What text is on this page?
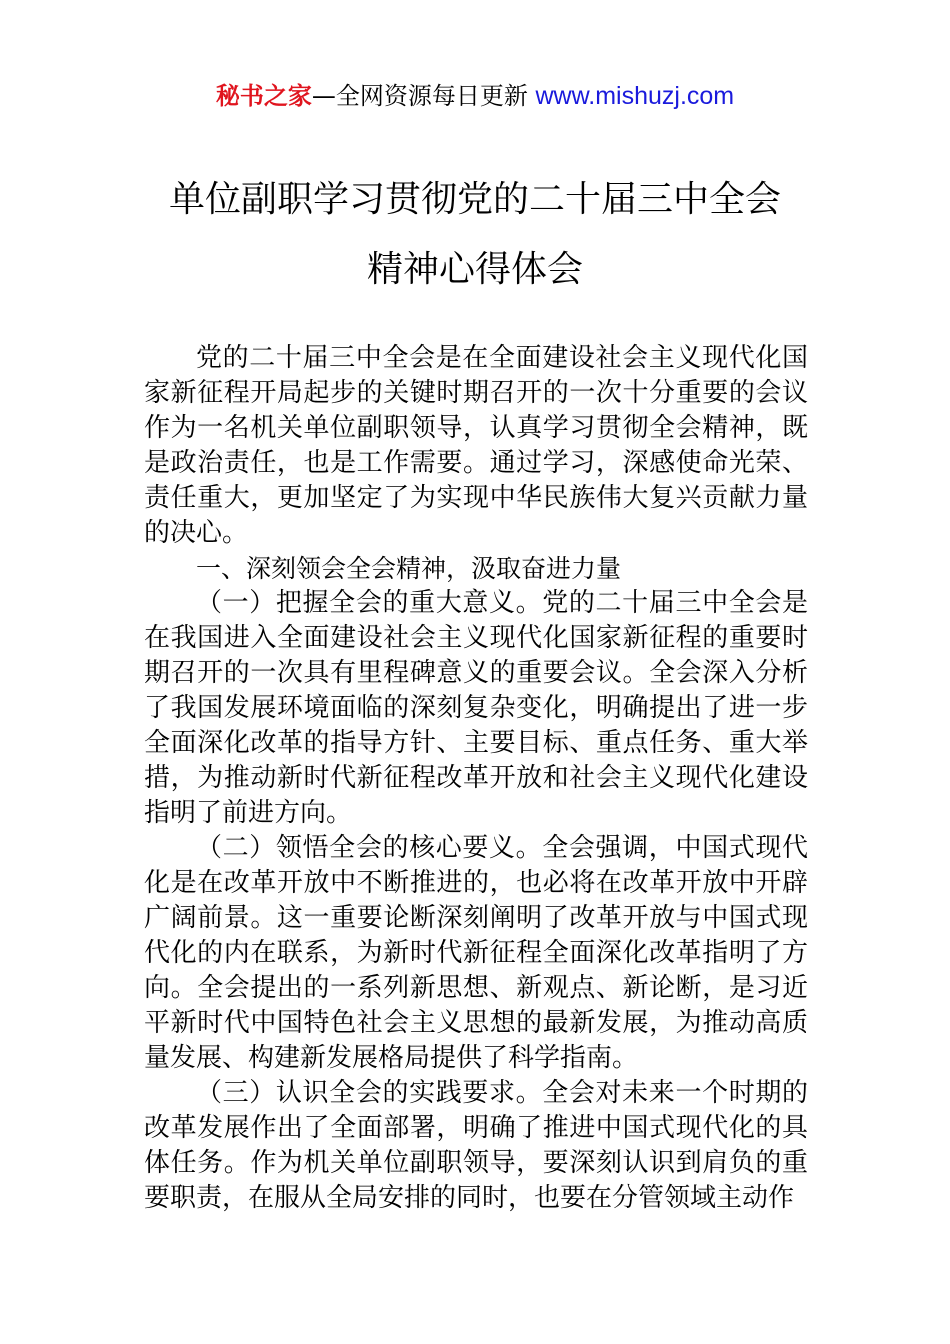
秘书之家—全网资源每日更新 www.mishuzj.com
单位副职学习贯彻党的二十届三中全会
精神心得体会

党的二十届三中全会是在全面建设社会主义现代化国家新征程开局起步的关键时期召开的一次十分重要的会议作为一名机关单位副职领导，认真学习贯彻全会精神，既是政治责任，也是工作需要。通过学习，深感使命光荣、责任重大，更加坚定了为实现中华民族伟大复兴贡献力量的决心。

一、深刻领会全会精神，汲取奋进力量

（一）把握全会的重大意义。党的二十届三中全会是在我国进入全面建设社会主义现代化国家新征程的重要时期召开的一次具有里程碑意义的重要会议。全会深入分析了我国发展环境面临的深刻复杂变化，明确提出了进一步全面深化改革的指导方针、主要目标、重点任务、重大举措，为推动新时代新征程改革开放和社会主义现代化建设指明了前进方向。

（二）领悟全会的核心要义。全会强调，中国式现代化是在改革开放中不断推进的，也必将在改革开放中开辟广阔前景。这一重要论断深刻阐明了改革开放与中国式现代化的内在联系，为新时代新征程全面深化改革指明了方向。全会提出的一系列新思想、新观点、新论断，是习近平新时代中国特色社会主义思想的最新发展，为推动高质量发展、构建新发展格局提供了科学指南。

（三）认识全会的实践要求。全会对未来一个时期的改革发展作出了全面部署，明确了推进中国式现代化的具体任务。作为机关单位副职领导，要深刻认识到肩负的重要职责，在服从全局安排的同时，也要在分管领域主动作
